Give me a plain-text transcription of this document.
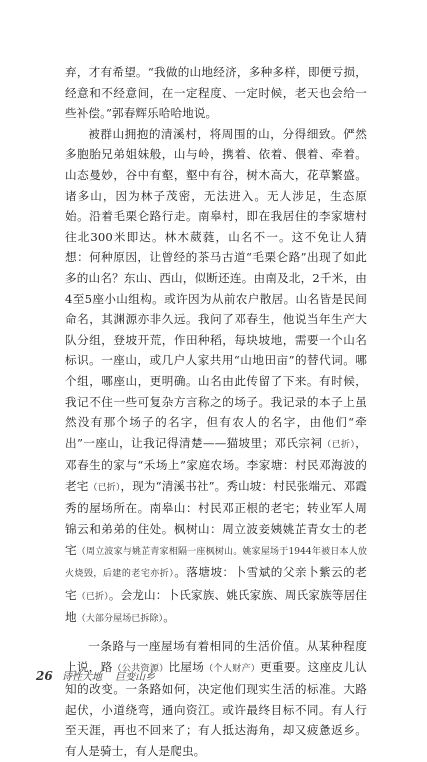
弃，才有希望。“我做的山地经济，多种多样，即便亏损，经意和不经意间，在一定程度、一定时候，老天也会给一些补偿。”郭春辉乐哈哈地说。

被群山拥抱的清溪村，将周围的山，分得细致。俨然多胞胎兄弟姐妹般，山与岭，携着、依着、偎着、牵着。山态曼妙，谷中有壑，壑中有谷，树木高大，花草繁盛。诸多山，因为林子茂密，无法进入。无人涉足，生态原始。沿着毛栗仑路行走。南皋村，即在我居住的李家塘村往北300米即达。林木葳蕤，山名不一。这不免让人猜想：何种原因，让曾经的茶马古道“毛栗仑路”出现了如此多的山名？东山、西山，似断还连。由南及北，2千米，由4至5座小山组构。或许因为从前农户散居。山名皆是民间命名，其渊源亦非久远。我问了邓春生，他说当年生产大队分组，登坡开荒，作田种稻，每块坡地，需要一个山名标识。一座山，或几户人家共用“山地田亩”的替代词。哪个组，哪座山，更明确。山名由此传留了下来。有时候，我记不住一些可复杂方言称之的场子。我记录的本子上虽然没有那个场子的名字，但有农人的名字，由他们“牵出”一座山，让我记得清楚——猫坡里；邓氏宗祠（已折），邓春生的家与“禾场上”家庭农场。李家塘：村民邓海波的老宅（已折），现为“清溪书社”。秀山坡：村民张端元、邓霞秀的屋场所在。南皋山：村民邓正根的老宅；转业军人周锦云和弟弟的住处。枫树山：周立波妾姨姚芷青女士的老宅（周立波家与姚芷青家相隔一座枫树山。姚家屋场于1944年被日本人放火烧毁，后建的老宅亦折）。落塘坡：卜雪斌的父亲卜紫云的老宅（已折）。会龙山：卜氏家族、姚氏家族、周氏家族等居住地（大部分屋场已拆除）。

一条路与一座屋场有着相同的生活价值。从某种程度上说，路（公共资源）比屋场（个人财产）更重要。这座皮儿认知的改变。一条路如何，决定他们现实生活的标准。大路起伏，小道绕弯，通向资江。或许最终目标不同。有人行至天涯，再也不回来了；有人抵达海角，却又疲惫返乡。有人是骑士，有人是爬虫。

26 诗性大地 巨变山乡
